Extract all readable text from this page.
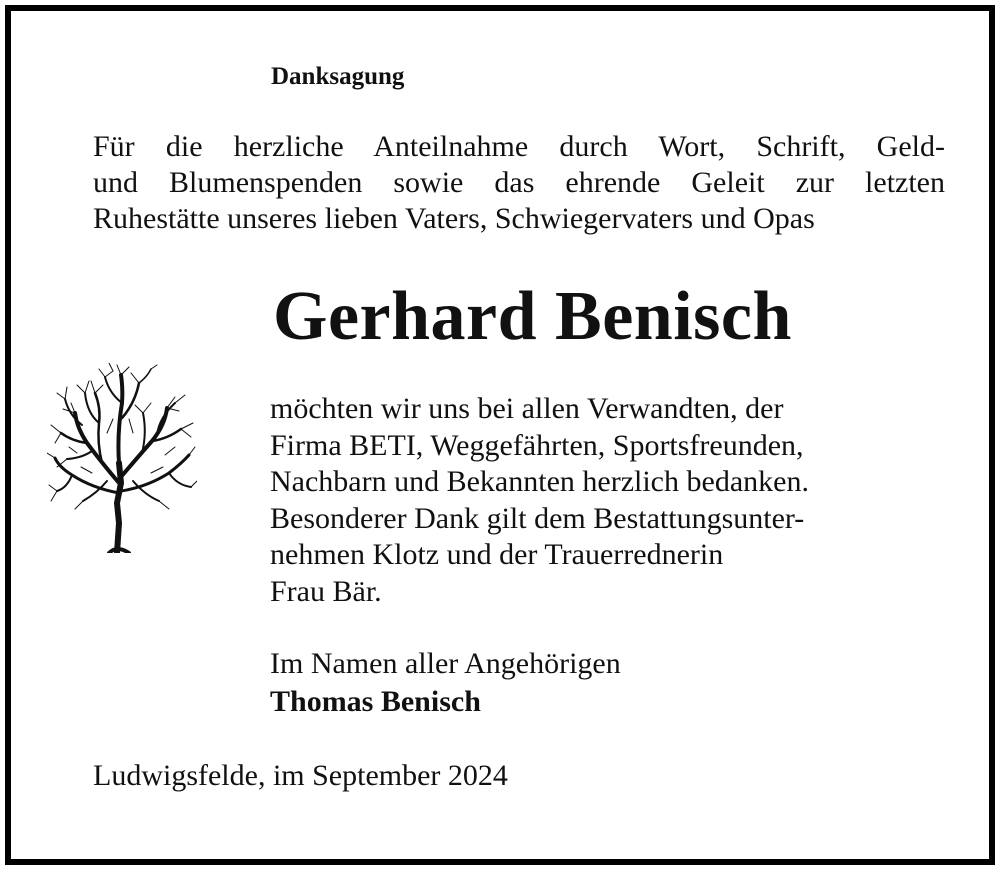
Danksagung
Für die herzliche Anteilnahme durch Wort, Schrift, Geld-
und Blumenspenden sowie das ehrende Geleit zur letzten
Ruhestätte unseres lieben Vaters, Schwiegervaters und Opas
Gerhard Benisch
möchten wir uns bei allen Verwandten, der
Firma BETI, Weggefährten, Sportsfreunden,
Nachbarn und Bekannten herzlich bedanken.
Besonderer Dank gilt dem Bestattungsunter-
nehmen Klotz und der Trauerrednerin
Frau Bär.
Im Namen aller Angehörigen
Thomas Benisch
Ludwigsfelde, im September 2024
